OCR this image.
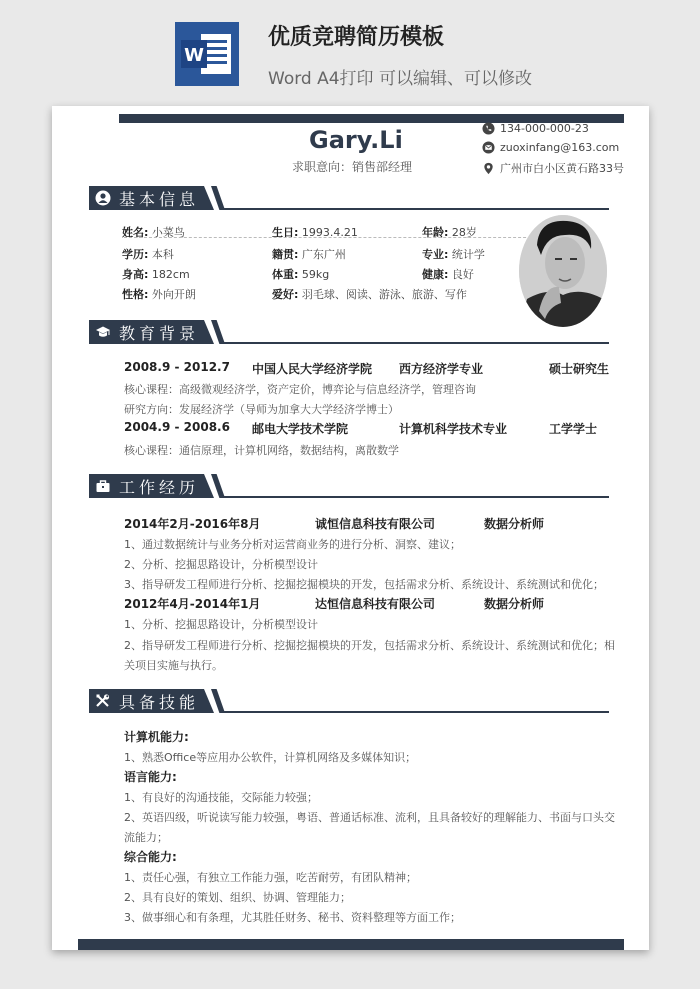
W
优质竞聘简历模板
Word A4打印 可以编辑、可以修改
Gary.Li
求职意向：销售部经理
134-000-000-23
zuoxinfang@163.com
广州市白小区黄石路33号
基本信息
姓名: 小菜鸟	生日: 1993.4.21	年龄: 28岁
学历: 本科	籍贯: 广东广州	专业: 统计学
身高: 182cm	体重: 59kg	健康: 良好
性格: 外向开朗	爱好: 羽毛球、阅读、游泳、旅游、写作
教育背景
2008.9 - 2012.7 中国人民大学经济学院 西方经济学专业	硕士研究生
核心课程：高级微观经济学，资产定价，博弈论与信息经济学，管理咨询
研究方向：发展经济学（导师为加拿大大学经济学博士）
2004.9 - 2008.6 邮电大学技术学院	计算机科学技术专业	工学学士
核心课程：通信原理，计算机网络，数据结构，离散数学
工作经历
2014年2月-2016年8月	诚恒信息科技有限公司	数据分析师
1、通过数据统计与业务分析对运营商业务的进行分析、洞察、建议；
2、分析、挖掘思路设计，分析模型设计
3、指导研发工程师进行分析、挖掘挖掘模块的开发，包括需求分析、系统设计、系统测试和优化；
2012年4月-2014年1月	达恒信息科技有限公司	数据分析师
1、分析、挖掘思路设计，分析模型设计
2、指导研发工程师进行分析、挖掘挖掘模块的开发，包括需求分析、系统设计、系统测试和优化；相
关项目实施与执行。
具备技能
计算机能力:
1、熟悉Office等应用办公软件，计算机网络及多媒体知识；
语言能力:
1、有良好的沟通技能，交际能力较强；
2、英语四级，听说读写能力较强，粤语、普通话标准、流利，且具备较好的理解能力、书面与口头交
流能力；
综合能力:
1、责任心强，有独立工作能力强，吃苦耐劳，有团队精神；
2、具有良好的策划、组织、协调、管理能力；
3、做事细心和有条理，尤其胜任财务、秘书、资料整理等方面工作；
